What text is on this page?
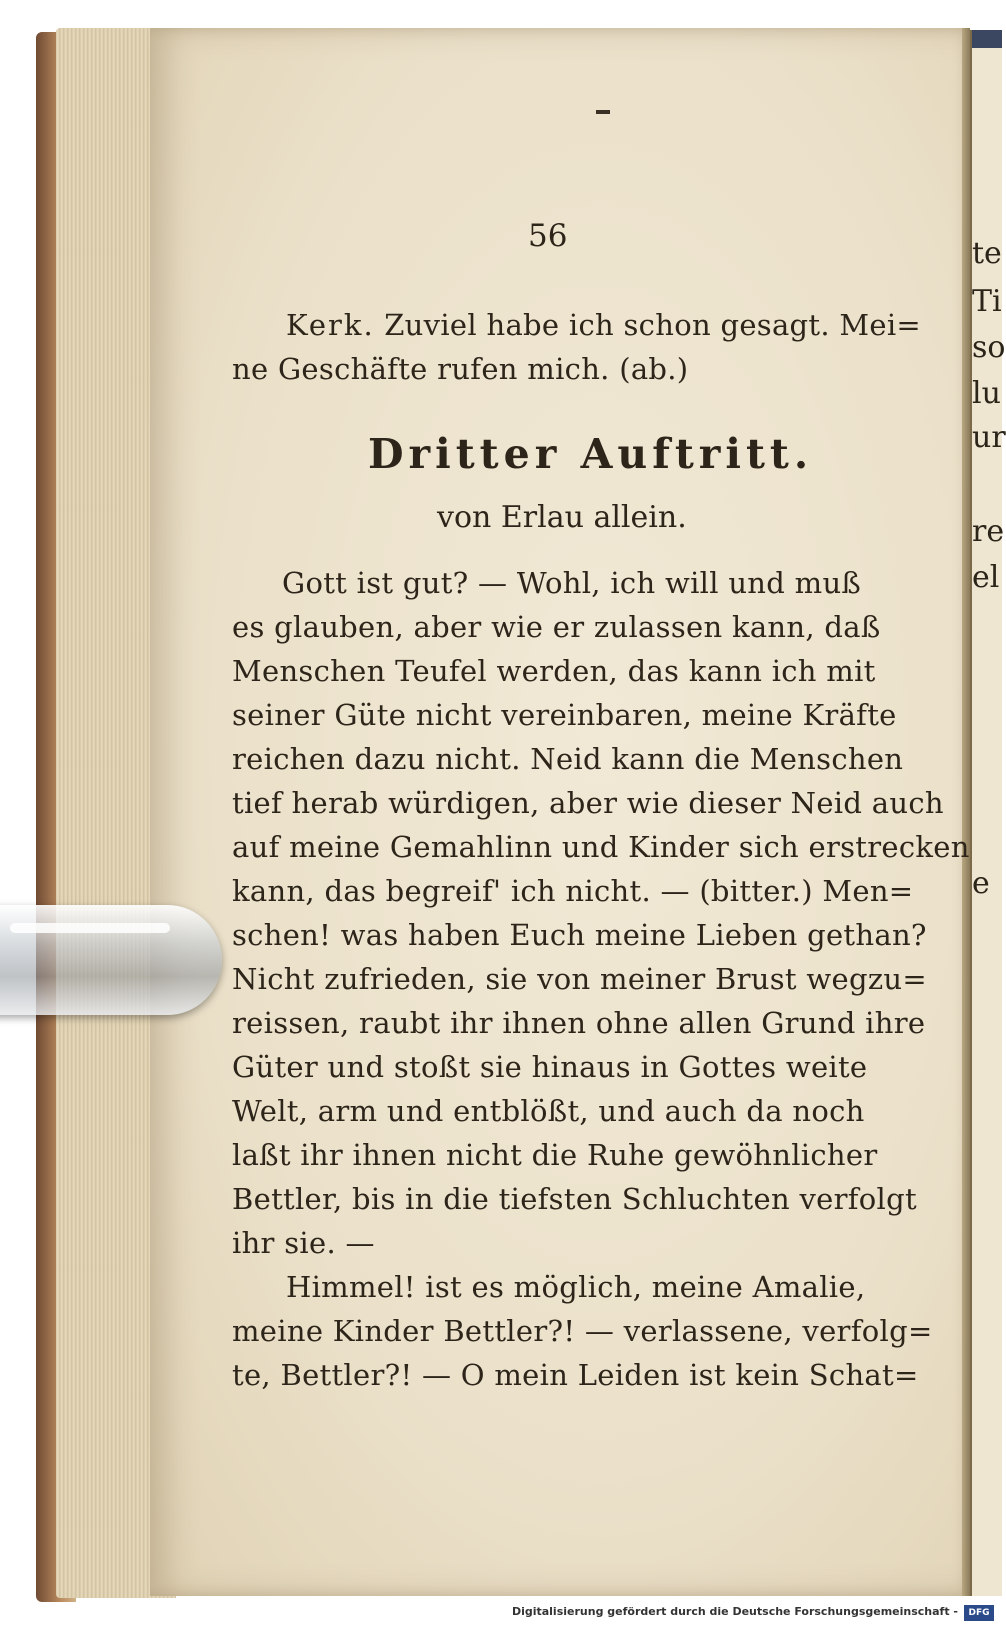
te
Ti
so
lu
ur
re
el
e
56
Kerk. Zuviel habe ich schon gesagt. Mei=
ne Geschäfte rufen mich. (ab.)
Dritter Auftritt.
von Erlau allein.
Gott ist gut? — Wohl, ich will und muß
es glauben, aber wie er zulassen kann, daß
Menschen Teufel werden, das kann ich mit
seiner Güte nicht vereinbaren, meine Kräfte
reichen dazu nicht. Neid kann die Menschen
tief herab würdigen, aber wie dieser Neid auch
auf meine Gemahlinn und Kinder sich erstrecken
kann, das begreif' ich nicht. — (bitter.) Men=
schen! was haben Euch meine Lieben gethan?
Nicht zufrieden, sie von meiner Brust wegzu=
reissen, raubt ihr ihnen ohne allen Grund ihre
Güter und stoßt sie hinaus in Gottes weite
Welt, arm und entblößt, und auch da noch
laßt ihr ihnen nicht die Ruhe gewöhnlicher
Bettler, bis in die tiefsten Schluchten verfolgt
ihr sie. —
Himmel! ist es möglich, meine Amalie,
meine Kinder Bettler?! — verlassene, verfolg=
te, Bettler?! — O mein Leiden ist kein Schat=
Digitalisierung gefördert durch die Deutsche Forschungsgemeinschaft -	DFG
